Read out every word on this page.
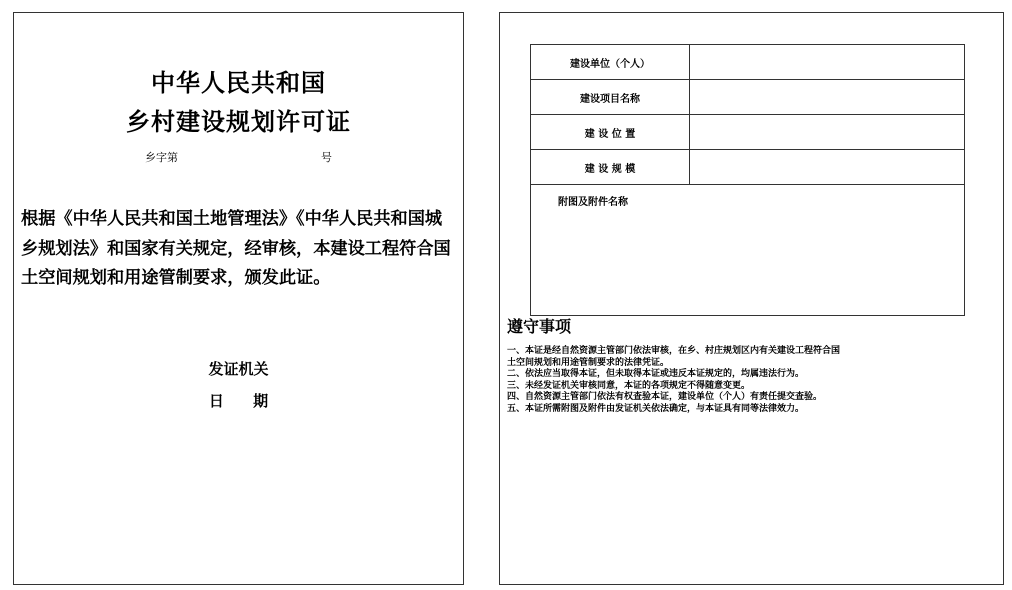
中华人民共和国
乡村建设规划许可证
乡字第	号
根据《中华人民共和国土地管理法》《中华人民共和国城乡规划法》和国家有关规定，经审核，本建设工程符合国土空间规划和用途管制要求，颁发此证。
发证机关
日 期
建设单位（个人）	
建设项目名称	
建 设 位 置	
建 设 规 模	
附图及附件名称	
遵守事项

一、本证是经自然资源主管部门依法审核，在乡、村庄规划区内有关建设工程符合国土空间规划和用途管制要求的法律凭证。

二、依法应当取得本证，但未取得本证或违反本证规定的，均属违法行为。

三、未经发证机关审核同意，本证的各项规定不得随意变更。

四、自然资源主管部门依法有权查验本证，建设单位（个人）有责任提交查验。

五、本证所需附图及附件由发证机关依法确定，与本证具有同等法律效力。
